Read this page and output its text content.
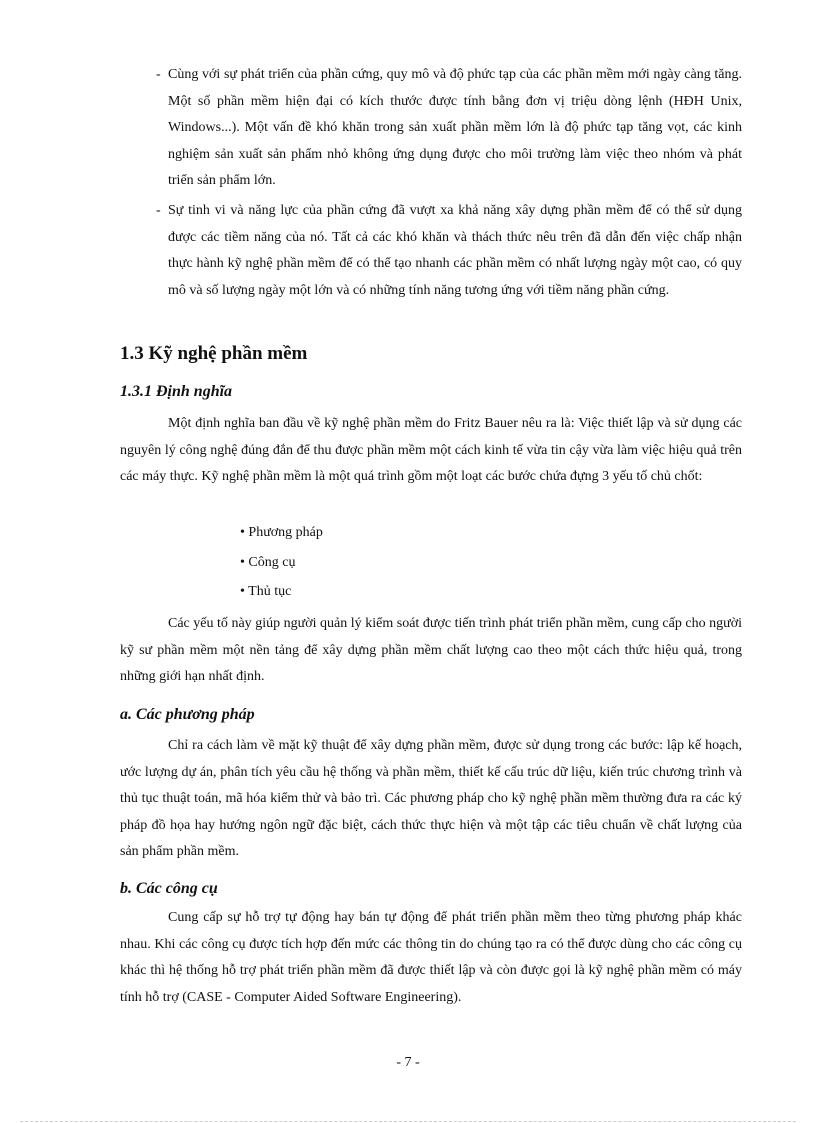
- Cùng với sự phát triển của phần cứng, quy mô và độ phức tạp của các phần mềm mới ngày càng tăng. Một số phần mềm hiện đại có kích thước được tính bằng đơn vị triệu dòng lệnh (HĐH Unix, Windows...). Một vấn đề khó khăn trong sản xuất phần mềm lớn là độ phức tạp tăng vọt, các kinh nghiệm sản xuất sản phẩm nhỏ không ứng dụng được cho môi trường làm việc theo nhóm và phát triển sản phẩm lớn.

- Sự tinh vi và năng lực của phần cứng đã vượt xa khả năng xây dựng phần mềm để có thể sử dụng được các tiềm năng của nó. Tất cả các khó khăn và thách thức nêu trên đã dẫn đến việc chấp nhận thực hành kỹ nghệ phần mềm để có thể tạo nhanh các phần mềm có nhất lượng ngày một cao, có quy mô và số lượng ngày một lớn và có những tính năng tương ứng với tiềm năng phần cứng.

1.3 Kỹ nghệ phần mềm
1.3.1 Định nghĩa

Một định nghĩa ban đầu về kỹ nghệ phần mềm do Fritz Bauer nêu ra là: Việc thiết lập và sử dụng các nguyên lý công nghệ đúng đắn để thu được phần mềm một cách kinh tế vừa tin cậy vừa làm việc hiệu quả trên các máy thực. Kỹ nghệ phần mềm là một quá trình gồm một loạt các bước chứa đựng 3 yếu tố chủ chốt:

• Phương pháp
• Công cụ
• Thủ tục

Các yếu tố này giúp người quản lý kiểm soát được tiến trình phát triển phần mềm, cung cấp cho người kỹ sư phần mềm một nền tảng để xây dựng phần mềm chất lượng cao theo một cách thức hiệu quả, trong những giới hạn nhất định.

a. Các phương pháp

Chỉ ra cách làm về mặt kỹ thuật để xây dựng phần mềm, được sử dụng trong các bước: lập kế hoạch, ước lượng dự án, phân tích yêu cầu hệ thống và phần mềm, thiết kế cấu trúc dữ liệu, kiến trúc chương trình và thủ tục thuật toán, mã hóa kiểm thử và bảo trì. Các phương pháp cho kỹ nghệ phần mềm thường đưa ra các ký pháp đồ họa hay hướng ngôn ngữ đặc biệt, cách thức thực hiện và một tập các tiêu chuẩn về chất lượng của sản phẩm phần mềm.

b. Các công cụ

Cung cấp sự hỗ trợ tự động hay bán tự động để phát triển phần mềm theo từng phương pháp khác nhau. Khi các công cụ được tích hợp đến mức các thông tin do chúng tạo ra có thể được dùng cho các công cụ khác thì hệ thống hỗ trợ phát triển phần mềm đã được thiết lập và còn được gọi là kỹ nghệ phần mềm có máy tính hỗ trợ (CASE - Computer Aided Software Engineering).

- 7 -
